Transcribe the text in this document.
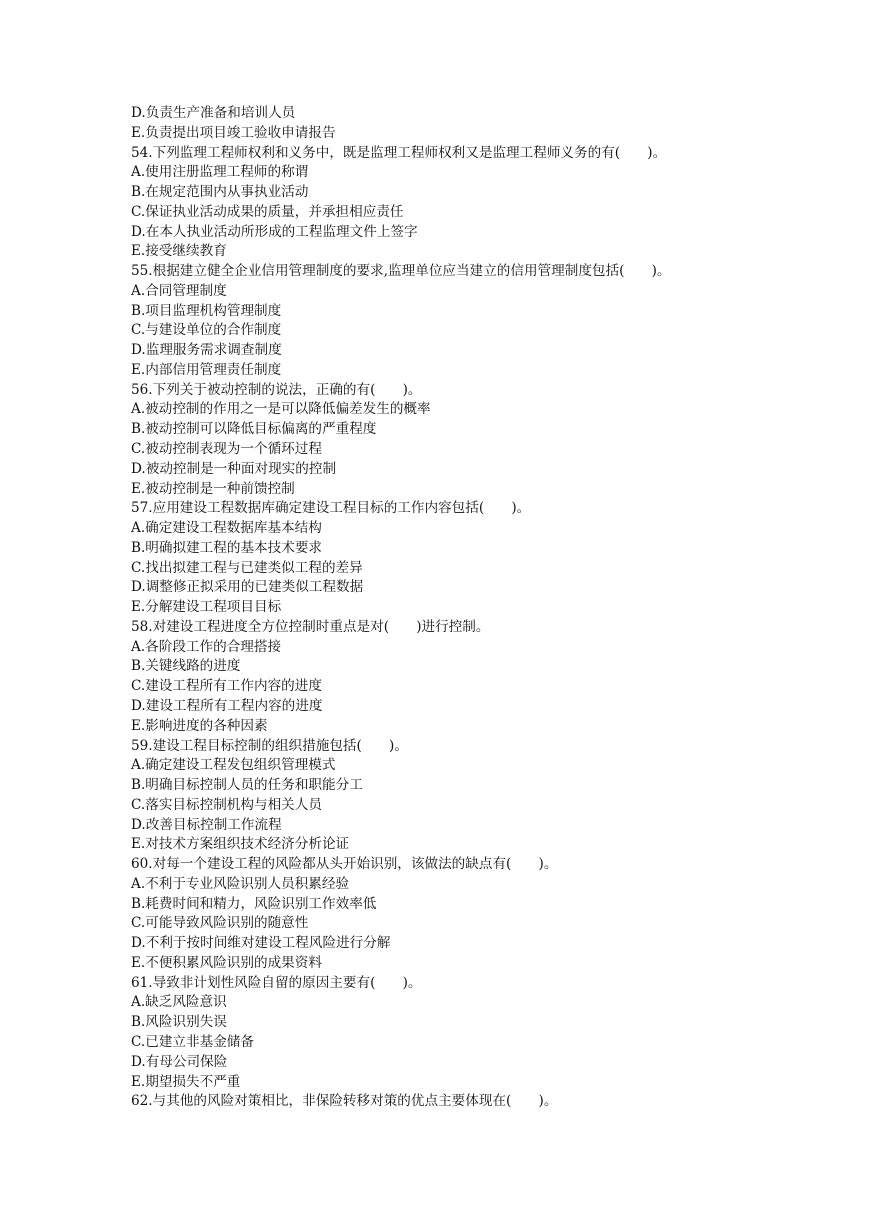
D.负责生产准备和培训人员
E.负责提出项目竣工验收申请报告
54.下列监理工程师权利和义务中，既是监理工程师权利又是监理工程师义务的有(　　)。
A.使用注册监理工程师的称谓
B.在规定范围内从事执业活动
C.保证执业活动成果的质量，并承担相应责任
D.在本人执业活动所形成的工程监理文件上签字
E.接受继续教育
55.根据建立健全企业信用管理制度的要求,监理单位应当建立的信用管理制度包括(　　)。
A.合同管理制度
B.项目监理机构管理制度
C.与建设单位的合作制度
D.监理服务需求调查制度
E.内部信用管理责任制度
56.下列关于被动控制的说法，正确的有(　　)。
A.被动控制的作用之一是可以降低偏差发生的概率
B.被动控制可以降低目标偏离的严重程度
C.被动控制表现为一个循环过程
D.被动控制是一种面对现实的控制
E.被动控制是一种前馈控制
57.应用建设工程数据库确定建设工程目标的工作内容包括(　　)。
A.确定建设工程数据库基本结构
B.明确拟建工程的基本技术要求
C.找出拟建工程与已建类似工程的差异
D.调整修正拟采用的已建类似工程数据
E.分解建设工程项目目标
58.对建设工程进度全方位控制时重点是对(　　)进行控制。
A.各阶段工作的合理搭接
B.关键线路的进度
C.建设工程所有工作内容的进度
D.建设工程所有工程内容的进度
E.影响进度的各种因素
59.建设工程目标控制的组织措施包括(　　)。
A.确定建设工程发包组织管理模式
B.明确目标控制人员的任务和职能分工
C.落实目标控制机构与相关人员
D.改善目标控制工作流程
E.对技术方案组织技术经济分析论证
60.对每一个建设工程的风险都从头开始识别，该做法的缺点有(　　)。
A.不利于专业风险识别人员积累经验
B.耗费时间和精力，风险识别工作效率低
C.可能导致风险识别的随意性
D.不利于按时间维对建设工程风险进行分解
E.不便积累风险识别的成果资料
61.导致非计划性风险自留的原因主要有(　　)。
A.缺乏风险意识
B.风险识别失误
C.已建立非基金储备
D.有母公司保险
E.期望损失不严重
62.与其他的风险对策相比，非保险转移对策的优点主要体现在(　　)。
